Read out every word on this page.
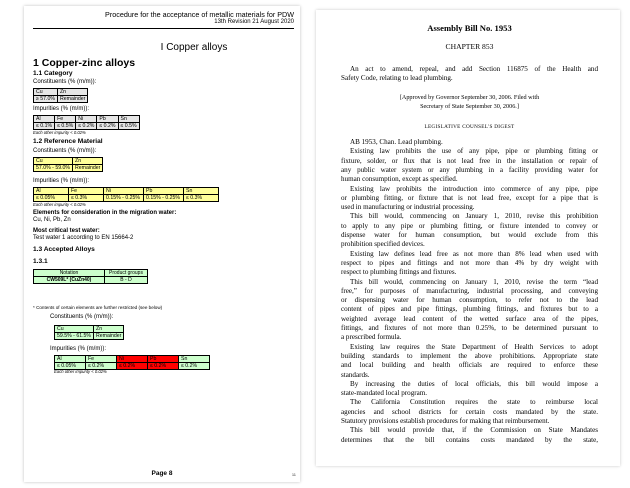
Procedure for the acceptance of metallic materials for PDW
13th Revision 21 August 2020
I Copper alloys
1 Copper-zinc alloys
1.1 Category
Constituents (% (m/m)):
Cu	Zn
≥ 57.0%	Remainder
Impurities (% (m/m)):
Al	Fe	Ni	Pb	Sn
≤ 0.1%	≤ 0.5%	≤ 0.2%	≤ 0.2%	≤ 0.5%
Each other impurity < 0.02%
1.2 Reference Material
Constituents (% (m/m)):
Cu	Zn
57.0% - 59.0%	Remainder
Impurities (% (m/m)):
Al	Fe	Ni	Pb	Sn
≤ 0.05%	≤ 0.3%	0.15% - 0.25%	0.15% - 0.25%	≤ 0.3%
Each other impurity < 0.02%
Elements for consideration in the migration water:
Cu, Ni, Pb, Zn
Most critical test water:
Test water 1 according to EN 15664-2
1.3 Accepted Alloys
1.3.1
Notation	Product groups
CW509L* (CuZn40)	B - D
* Contents of certain elements are further restricted (see below)
Constituents (% (m/m)):
Cu	Zn
59.5% - 61.5%	Remainder
Impurities (% (m/m)):
Al	Fe	Ni	Pb	Sn
≤ 0.05%	≤ 0.2%	≤ 0.2%	≤ 0.2%	≤ 0.2%
Each other impurity < 0.02%
Page 8	11
Assembly Bill No. 1953
CHAPTER 853
An act to amend, repeal, and add Section 116875 of the Health and
Safety Code, relating to lead plumbing.
[Approved by Governor September 30, 2006. Filed with
Secretary of State September 30, 2006.]
LEGISLATIVE COUNSEL'S DIGEST
AB 1953, Chan. Lead plumbing.
Existing law prohibits the use of any pipe, pipe or plumbing fitting or
fixture, solder, or flux that is not lead free in the installation or repair of
any public water system or any plumbing in a facility providing water for
human consumption, except as specified.
Existing law prohibits the introduction into commerce of any pipe, pipe
or plumbing fitting, or fixture that is not lead free, except for a pipe that is
used in manufacturing or industrial processing.
This bill would, commencing on January 1, 2010, revise this prohibition
to apply to any pipe or plumbing fitting, or fixture intended to convey or
dispense water for human consumption, but would exclude from this
prohibition specified devices.
Existing law defines lead free as not more than 8% lead when used with
respect to pipes and fittings and not more than 4% by dry weight with
respect to plumbing fittings and fixtures.
This bill would, commencing on January 1, 2010, revise the term “lead
free,” for purposes of manufacturing, industrial processing, and conveying
or dispensing water for human consumption, to refer not to the lead
content of pipes and pipe fittings, plumbing fittings, and fixtures but to a
weighted average lead content of the wetted surface area of the pipes,
fittings, and fixtures of not more than 0.25%, to be determined pursuant to
a prescribed formula.
Existing law requires the State Department of Health Services to adopt
building standards to implement the above prohibitions. Appropriate state
and local building and health officials are required to enforce these
standards.
By increasing the duties of local officials, this bill would impose a
state-mandated local program.
The California Constitution requires the state to reimburse local
agencies and school districts for certain costs mandated by the state.
Statutory provisions establish procedures for making that reimbursement.
This bill would provide that, if the Commission on State Mandates
determines that the bill contains costs mandated by the state,
